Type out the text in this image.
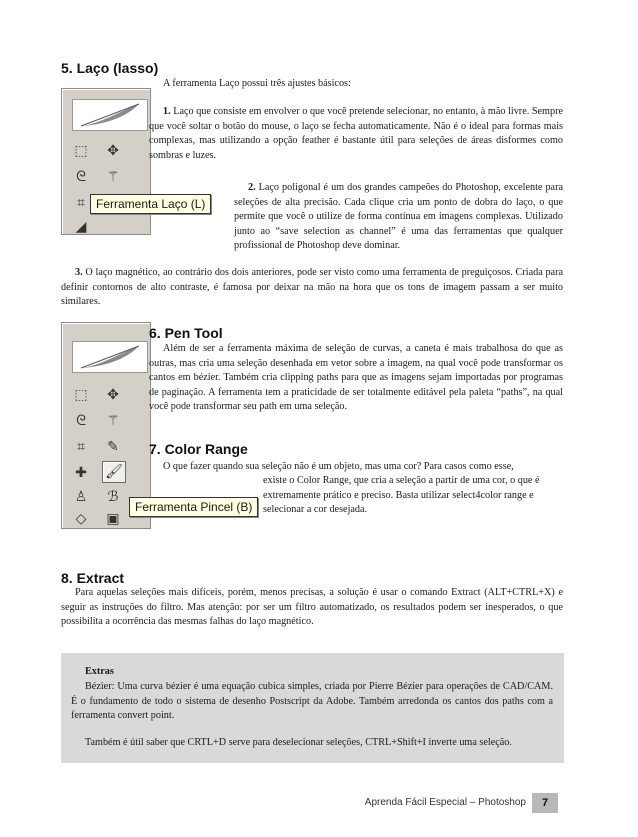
5. Laço (lasso)

A ferramenta Laço possui três ajustes básicos:

⬚	✥
ᘓ	⚚
⌗
◢
Ferramenta Laço (L)

1. Laço que consiste em envolver o que você pretende selecionar, no entanto, à mão livre. Sempre que você soltar o botão do mouse, o laço se fecha automaticamente. Não é o ideal para formas mais complexas, mas utilizando a opção feather é bastante útil para seleções de áreas disformes como sombras e luzes.

2. Laço poligonal é um dos grandes campeões do Photoshop, excelente para seleções de alta precisão. Cada clique cria um ponto de dobra do laço, o que permite que você o utilize de forma contínua em imagens complexas. Utilizado junto ao “save selection as channel” é uma das ferramentas que qualquer profissional de Photoshop deve dominar.

3. O laço magnético, ao contrário dos dois anteriores, pode ser visto como uma ferramenta de preguiçosos. Criada para definir contornos de alto contraste, é famosa por deixar na mão na hora que os tons de imagem passam a ser muito similares.

⬚	✥
ᘓ	⚚
⌗	✎
✚	🖌
♙	ℬ
◇	▣
Ferramenta Pincel (B)
6. Pen Tool

Além de ser a ferramenta máxima de seleção de curvas, a caneta é mais trabalhosa do que as outras, mas cria uma seleção desenhada em vetor sobre a imagem, na qual você pode transformar os cantos em bézier. Também cria clipping paths para que as imagens sejam importadas por programas de paginação. A ferramenta tem a praticidade de ser totalmente editável pela paleta “paths”, na qual você pode transformar seu path em uma seleção.

7. Color Range

O que fazer quando sua seleção não é um objeto, mas uma cor? Para casos como esse,

existe o Color Range, que cria a seleção a partir de uma cor, o que é extremamente prático e preciso. Basta utilizar select4color range e selecionar a cor desejada.

8. Extract

Para aquelas seleções mais difíceis, porém, menos precisas, a solução é usar o comando Extract (ALT+CTRL+X) e seguir as instruções do filtro. Mas atenção: por ser um filtro automatizado, os resultados podem ser inesperados, o que possibilita a ocorrência das mesmas falhas do laço magnético.

Extras

Bézier: Uma curva bézier é uma equação cubica simples, criada por Pierre Bézier para operações de CAD/CAM. É o fundamento de todo o sistema de desenho Postscript da Adobe. Também arredonda os cantos dos paths com a ferramenta convert point.

Também é útil saber que CRTL+D serve para deselecionar seleções, CTRL+Shift+I inverte uma seleção.

Aprenda Fácil Especial – Photoshop	7
